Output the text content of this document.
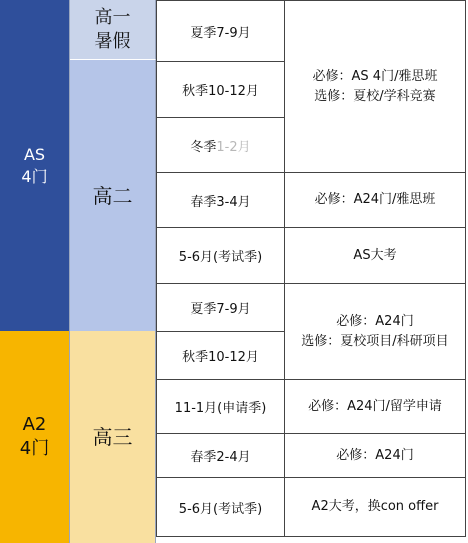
AS
4门
A2
4门
高一
暑假
高二
高三
夏季7-9月
秋季10-12月
冬季 1-2月
春季3-4月
5-6月(考试季)
夏季7-9月
秋季10-12月
11-1月(申请季)
春季2-4月
5-6月(考试季)
必修：AS 4门/雅思班
选修：夏校/学科竞赛
必修：A24门/雅思班
AS大考
必修：A24门
选修：夏校项目/科研项目
必修：A24门/留学申请
必修：A24门
A2大考，换con offer
